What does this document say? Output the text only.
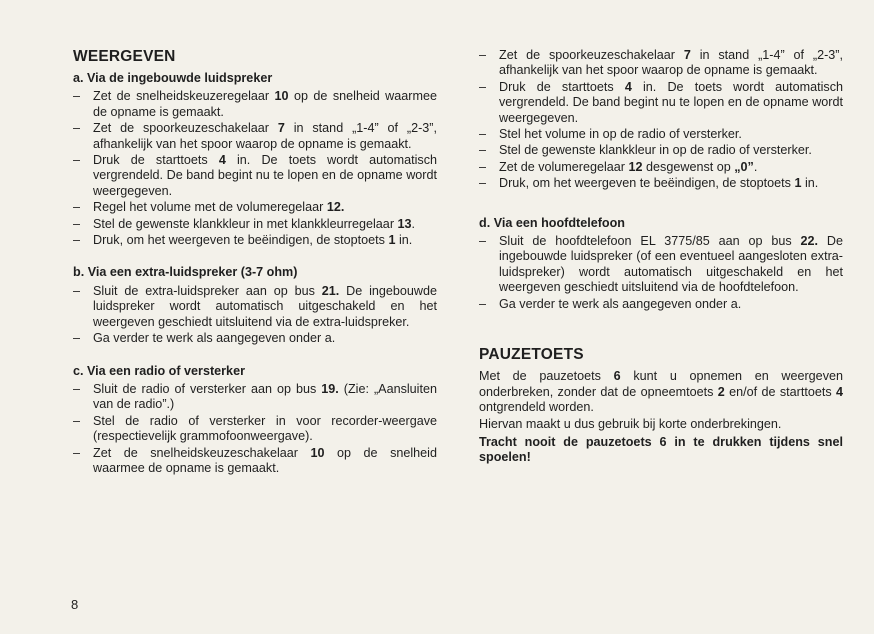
WEERGEVEN
a. Via de ingebouwde luidspreker
– Zet de snelheidskeuzeregelaar 10 op de snelheid waarmee de opname is gemaakt.
– Zet de spoorkeuzeschakelaar 7 in stand „1-4” of „2-3”, afhankelijk van het spoor waarop de opname is gemaakt.
– Druk de starttoets 4 in. De toets wordt automatisch vergrendeld. De band begint nu te lopen en de opname wordt weergegeven.
– Regel het volume met de volumeregelaar 12.
– Stel de gewenste klankkleur in met klankkleurregelaar 13.
– Druk, om het weergeven te beëindigen, de stoptoets 1 in.
b. Via een extra-luidspreker (3-7 ohm)
– Sluit de extra-luidspreker aan op bus 21. De ingebouwde luidspreker wordt automatisch uitgeschakeld en het weergeven geschiedt uitsluitend via de extra-luidspreker.
– Ga verder te werk als aangegeven onder a.
c. Via een radio of versterker
– Sluit de radio of versterker aan op bus 19. (Zie: „Aansluiten van de radio”.)
– Stel de radio of versterker in voor recorder-weergave (respectievelijk grammofoonweergave).
– Zet de snelheidskeuzeschakelaar 10 op de snelheid waarmee de opname is gemaakt.
8
– Zet de spoorkeuzeschakelaar 7 in stand „1-4” of „2-3”, afhankelijk van het spoor waarop de opname is gemaakt.
– Druk de starttoets 4 in. De toets wordt automatisch vergrendeld. De band begint nu te lopen en de opname wordt weergegeven.
– Stel het volume in op de radio of versterker.
– Stel de gewenste klankkleur in op de radio of versterker.
– Zet de volumeregelaar 12 desgewenst op „0”.
– Druk, om het weergeven te beëindigen, de stoptoets 1 in.
d. Via een hoofdtelefoon
– Sluit de hoofdtelefoon EL 3775/85 aan op bus 22. De ingebouwde luidspreker (of een eventueel aangesloten extra-luidspreker) wordt automatisch uitgeschakeld en het weergeven geschiedt uitsluitend via de hoofdtelefoon.
– Ga verder te werk als aangegeven onder a.
PAUZETOETS
Met de pauzetoets 6 kunt u opnemen en weergeven onderbreken, zonder dat de opneemtoets 2 en/of de starttoets 4 ontgrendeld worden.
Hiervan maakt u dus gebruik bij korte onderbrekingen.
Tracht nooit de pauzetoets 6 in te drukken tijdens snel spoelen!
